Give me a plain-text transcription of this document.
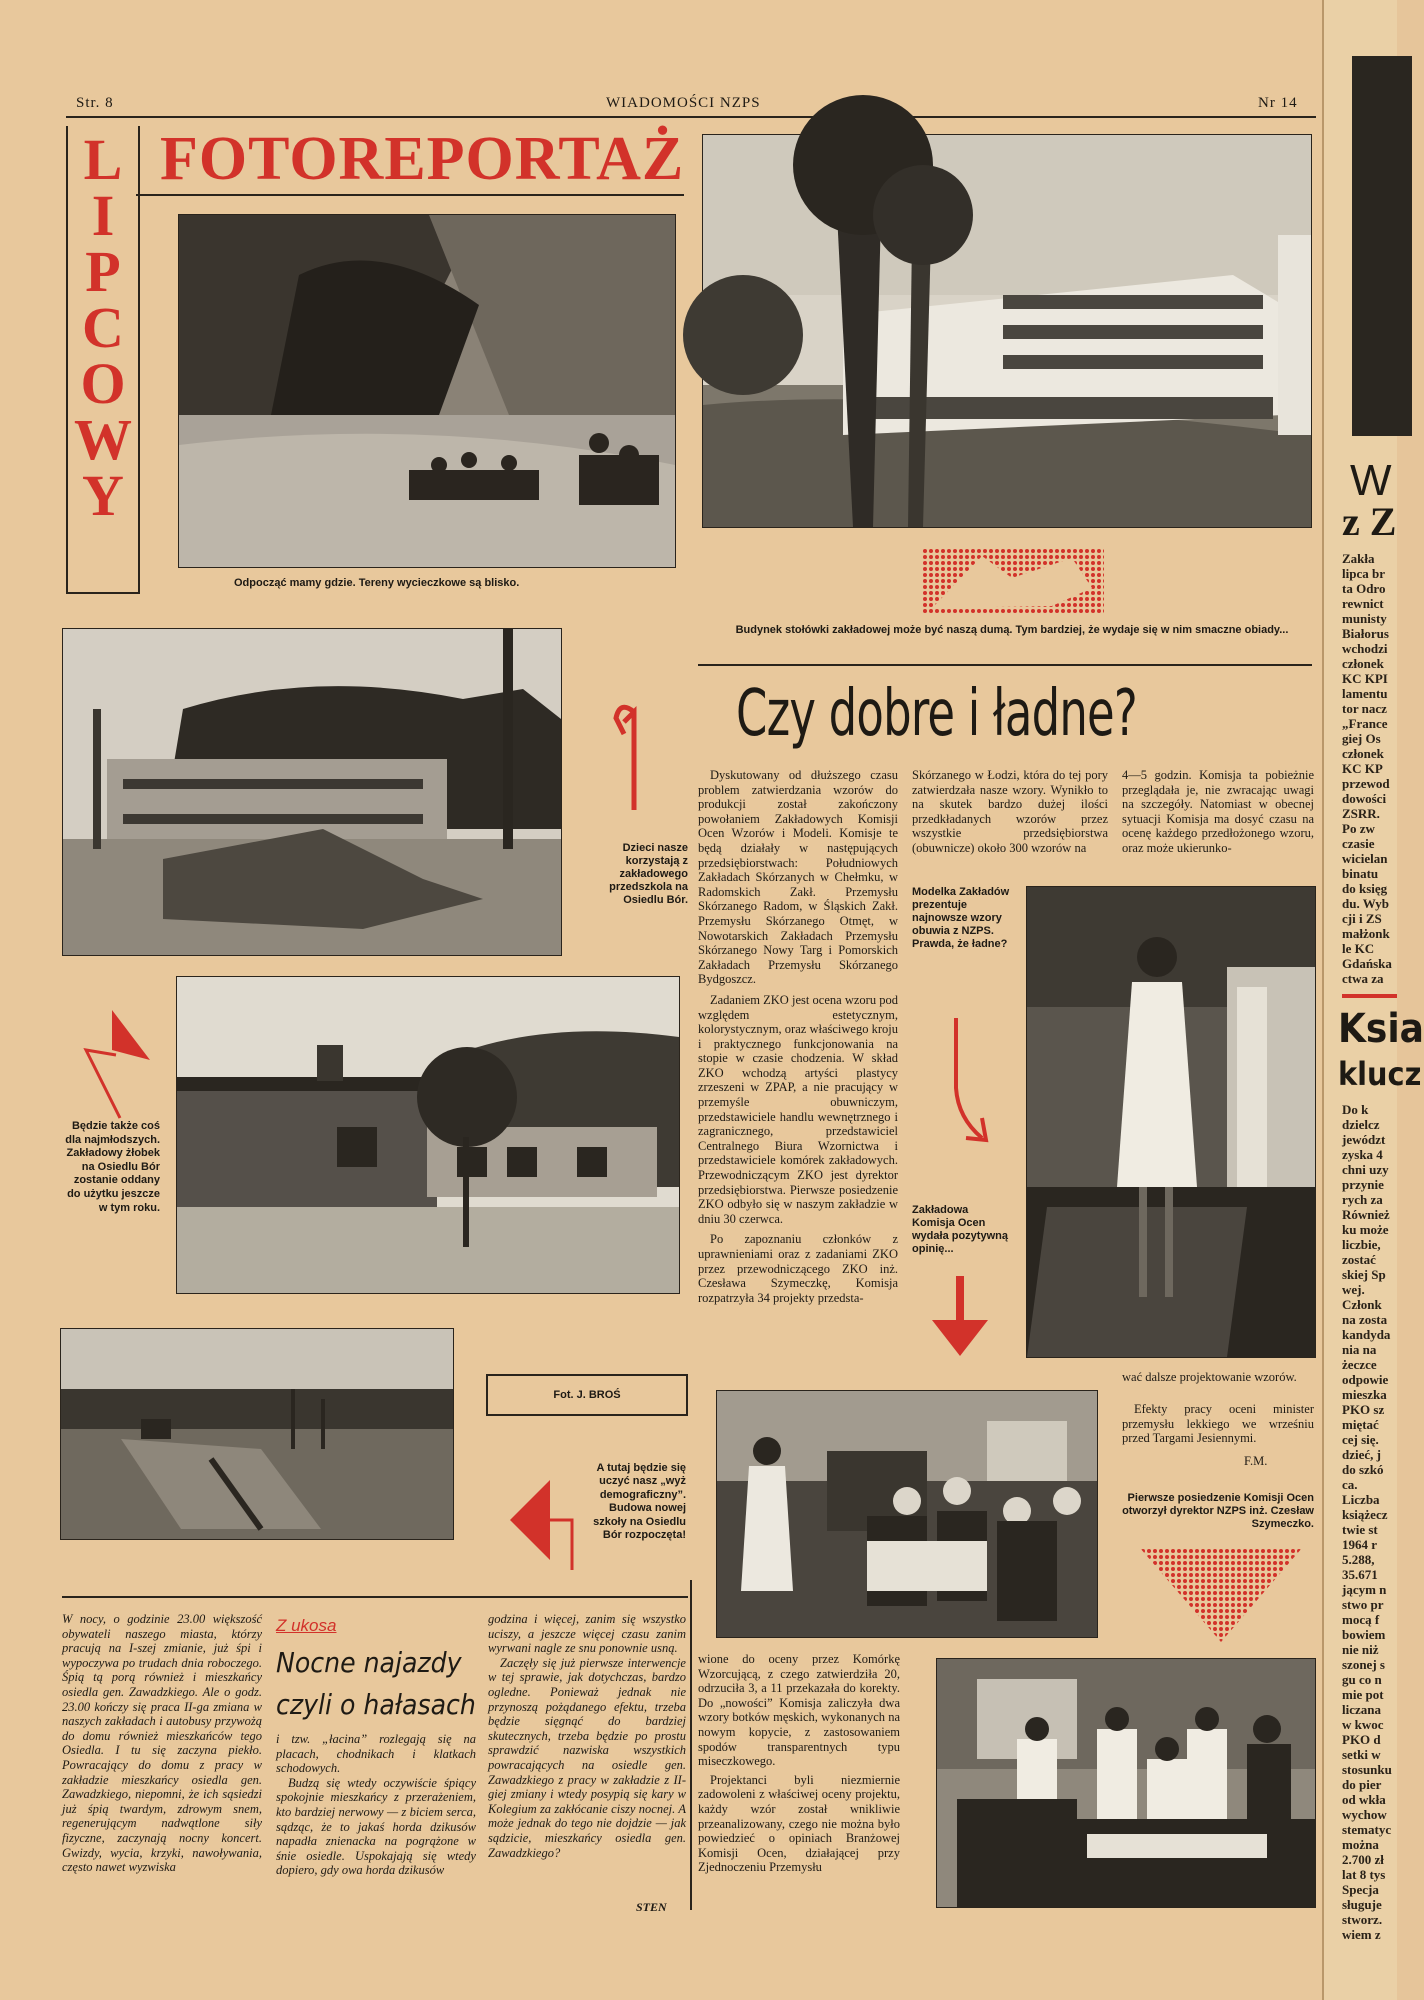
Str. 8	WIADOMOŚCI NZPS	Nr 14
L
I
P
C
O
W
Y
FOTOREPORTAŻ
Odpocząć mamy gdzie. Tereny wycieczkowe są blisko.
Budynek stołówki zakładowej może być naszą dumą. Tym bardziej, że wydaje się w nim smaczne obiady...
Dzieci nasze korzystają z zakładowego przedszkola na Osiedlu Bór.
Będzie także coś dla najmłodszych. Zakładowy żłobek na Osiedlu Bór zostanie oddany do użytku jeszcze w tym roku.
Fot. J. BROŚ
A tutaj będzie się uczyć nasz „wyż demograficzny”. Budowa nowej szkoły na Osiedlu Bór rozpoczęta!
Czy dobre i ładne?
Dyskutowany od dłuższego czasu problem zatwierdzania wzorów do produkcji został zakończony powołaniem Zakładowych Komisji Ocen Wzorów i Modeli. Komisje te będą działały w następujących przedsiębiorstwach: Południowych Zakładach Skórzanych w Chełmku, w Radomskich Zakł. Przemysłu Skórzanego Radom, w Śląskich Zakł. Przemysłu Skórzanego Otmęt, w Nowotarskich Zakładach Przemysłu Skórzanego Nowy Targ i Pomorskich Zakładach Przemysłu Skórzanego Bydgoszcz.
Zadaniem ZKO jest ocena wzoru pod względem estetycznym, kolorystycznym, oraz właściwego kroju i praktycznego funkcjonowania na stopie w czasie chodzenia. W skład ZKO wchodzą artyści plastycy zrzeszeni w ZPAP, a nie pracujący w przemyśle obuwniczym, przedstawiciele handlu wewnętrznego i zagranicznego, przedstawiciel Centralnego Biura Wzornictwa i przedstawiciele komórek zakładowych. Przewodniczącym ZKO jest dyrektor przedsiębiorstwa. Pierwsze posiedzenie ZKO odbyło się w naszym zakładzie w dniu 30 czerwca.
Po zapoznaniu członków z uprawnieniami oraz z zadaniami ZKO przez przewodniczącego ZKO inż. Czesława Szymeczkę, Komisja rozpatrzyła 34 projekty przedsta-
Skórzanego w Łodzi, która do tej pory zatwierdzała nasze wzory. Wynikło to na skutek bardzo dużej ilości przedkładanych wzorów przez wszystkie przedsiębiorstwa (obuwnicze) około 300 wzorów na
4—5 godzin. Komisja ta pobieżnie przeglądała je, nie zwracając uwagi na szczegóły. Natomiast w obecnej sytuacji Komisja ma dosyć czasu na ocenę każdego przedłożonego wzoru, oraz może ukierunko-
Modelka Zakładów prezentuje najnowsze wzory obuwia z NZPS. Prawda, że ładne?
Zakładowa Komisja Ocen wydała pozytywną opinię...
wać dalsze projektowanie wzorów.
Efekty pracy oceni minister przemysłu lekkiego we wrześniu przed Targami Jesiennymi.
F.M.
Pierwsze posiedzenie Komisji Ocen otworzył dyrektor NZPS inż. Czesław Szymeczko.
wione do oceny przez Komórkę Wzorcującą, z czego zatwierdziła 20, odrzuciła 3, a 11 przekazała do korekty. Do „nowości” Komisja zaliczyła dwa wzory botków męskich, wykonanych na nowym kopycie, z zastosowaniem spodów transparentnych typu miseczkowego.
Projektanci byli niezmiernie zadowoleni z właściwej oceny projektu, każdy wzór został wnikliwie przeanalizowany, czego nie można było powiedzieć o opiniach Branżowej Komisji Ocen, działającej przy Zjednoczeniu Przemysłu
W nocy, o godzinie 23.00 większość obywateli naszego miasta, którzy pracują na I-szej zmianie, już śpi i wypoczywa po trudach dnia roboczego. Śpią tą porą również i mieszkańcy osiedla gen. Zawadzkiego. Ale o godz. 23.00 kończy się praca II-ga zmiana w naszych zakładach i autobusy przywożą do domu również mieszkańców tego Osiedla. I tu się zaczyna piekło. Powracający do domu z pracy w zakładzie mieszkańcy osiedla gen. Zawadzkiego, niepomni, że ich sąsiedzi już śpią twardym, zdrowym snem, regenerującym nadwątlone siły fizyczne, zaczynają nocny koncert. Gwizdy, wycia, krzyki, nawoływania, często nawet wyzwiska
Z ukosa
Nocne najazdy
czyli o hałasach
i tzw. „łacina” rozlegają się na placach, chodnikach i klatkach schodowych.
Budzą się wtedy oczywiście śpiący spokojnie mieszkańcy z przerażeniem, kto bardziej nerwowy — z biciem serca, sądząc, że to jakaś horda dzikusów napadła znienacka na pogrążone w śnie osiedle. Uspokajają się wtedy dopiero, gdy owa horda dzikusów
godzina i więcej, zanim się wszystko uciszy, a jeszcze więcej czasu zanim wyrwani nagle ze snu ponownie usną.
Zaczęły się już pierwsze interwencje w tej sprawie, jak dotychczas, bardzo ogledne. Ponieważ jednak nie przynoszą pożądanego efektu, trzeba będzie sięgnąć do bardziej skutecznych, trzeba będzie po prostu sprawdzić nazwiska wszystkich powracających na osiedle gen. Zawadzkiego z pracy w zakładzie z II-giej zmiany i wtedy posypią się kary w Kolegium za zakłócanie ciszy nocnej. A może jednak do tego nie dojdzie — jak sądzicie, mieszkańcy osiedla gen. Zawadzkiego?
STEN
W
z Z
Zakła
lipca br
ta Odro
rewnict
munisty
Białorus
wchodzi
członek
KC KPI
lamentu
tor nacz
„France
giej Os
członek
KC KP
przewod
dowości
ZSRR.
Po zw
czasie
wicielan
binatu
do księg
du. Wyb
cji i ZS
małżonk
le KC
Gdańska
ctwa za
Ksia
klucz
Do k
dzielcz
jewództ
zyska 4
chni uzy
przynie
rych za
Również
ku może
liczbie,
zostać
skiej Sp
wej.
Członk
na zosta
kandyda
nia na
żeczce
odpowie
mieszka
PKO sz
miętać
cej się.
dzieć, j
do szkó
ca.
Liczba
książecz
twie st
1964 r
5.288,
35.671
jącym n
stwo pr
mocą f
bowiem
nie niż
szonej s
gu co n
mie pot
liczana
w kwoc
PKO d
setki w
stosunku
do pier
od wkła
wychow
stematyc
można
2.700 zł
lat 8 tys
Specja
sługuje
stworz.
wiem z
